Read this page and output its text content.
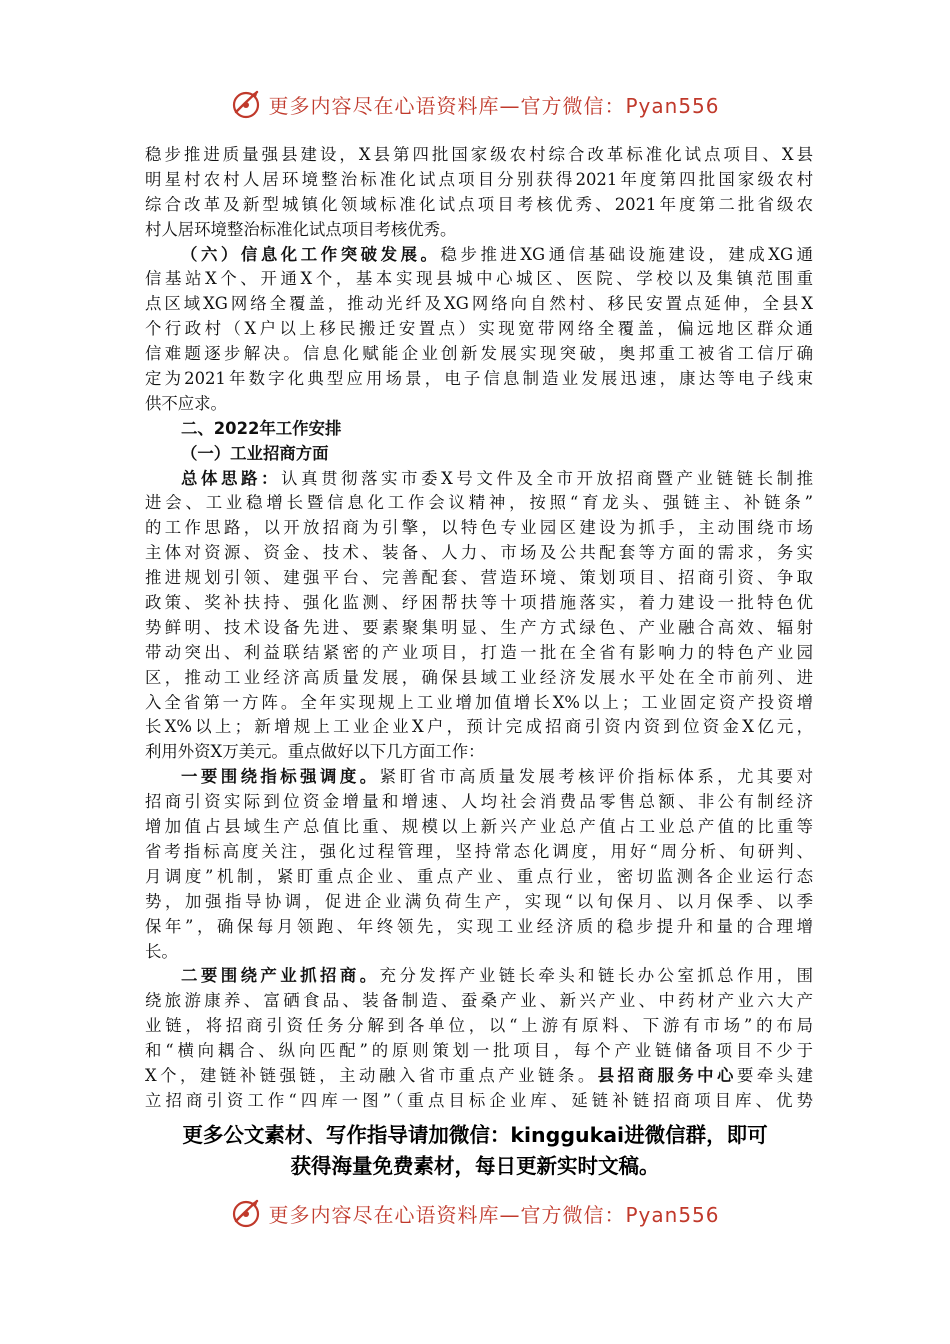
更多内容尽在心语资料库—官方微信：Pyan556
稳步推进质量强县建设，X县第四批国家级农村综合改革标准化试点项目、X县
明星村农村人居环境整治标准化试点项目分别获得2021年度第四批国家级农村
综合改革及新型城镇化领域标准化试点项目考核优秀、2021年度第二批省级农
村人居环境整治标准化试点项目考核优秀。
（六）信息化工作突破发展。稳步推进XG通信基础设施建设，建成XG通
信基站X个、开通X个，基本实现县城中心城区、医院、学校以及集镇范围重
点区域XG网络全覆盖，推动光纤及XG网络向自然村、移民安置点延伸，全县X
个行政村（X户以上移民搬迁安置点）实现宽带网络全覆盖，偏远地区群众通
信难题逐步解决。信息化赋能企业创新发展实现突破，奥邦重工被省工信厅确
定为2021年数字化典型应用场景，电子信息制造业发展迅速，康达等电子线束
供不应求。
二、2022年工作安排
（一）工业招商方面
总体思路：认真贯彻落实市委X号文件及全市开放招商暨产业链链长制推
进会、工业稳增长暨信息化工作会议精神，按照“育龙头、强链主、补链条”
的工作思路，以开放招商为引擎，以特色专业园区建设为抓手，主动围绕市场
主体对资源、资金、技术、装备、人力、市场及公共配套等方面的需求，务实
推进规划引领、建强平台、完善配套、营造环境、策划项目、招商引资、争取
政策、奖补扶持、强化监测、纾困帮扶等十项措施落实，着力建设一批特色优
势鲜明、技术设备先进、要素聚集明显、生产方式绿色、产业融合高效、辐射
带动突出、利益联结紧密的产业项目，打造一批在全省有影响力的特色产业园
区，推动工业经济高质量发展，确保县域工业经济发展水平处在全市前列、进
入全省第一方阵。全年实现规上工业增加值增长X%以上；工业固定资产投资增
长X%以上；新增规上工业企业X户，预计完成招商引资内资到位资金X亿元，
利用外资X万美元。重点做好以下几方面工作：
一要围绕指标强调度。紧盯省市高质量发展考核评价指标体系，尤其要对
招商引资实际到位资金增量和增速、人均社会消费品零售总额、非公有制经济
增加值占县域生产总值比重、规模以上新兴产业总产值占工业总产值的比重等
省考指标高度关注，强化过程管理，坚持常态化调度，用好“周分析、旬研判、
月调度”机制，紧盯重点企业、重点产业、重点行业，密切监测各企业运行态
势，加强指导协调，促进企业满负荷生产，实现“以旬保月、以月保季、以季
保年”，确保每月领跑、年终领先，实现工业经济质的稳步提升和量的合理增
长。
二要围绕产业抓招商。充分发挥产业链长牵头和链长办公室抓总作用，围
绕旅游康养、富硒食品、装备制造、蚕桑产业、新兴产业、中药材产业六大产
业链，将招商引资任务分解到各单位，以“上游有原料、下游有市场”的布局
和“横向耦合、纵向匹配”的原则策划一批项目，每个产业链储备项目不少于
X个，建链补链强链，主动融入省市重点产业链条。县招商服务中心要牵头建
立招商引资工作“四库一图”（重点目标企业库、延链补链招商项目库、优势
更多公文素材、写作指导请加微信：kinggukai进微信群，即可
获得海量免费素材，每日更新实时文稿。
更多内容尽在心语资料库—官方微信：Pyan556
